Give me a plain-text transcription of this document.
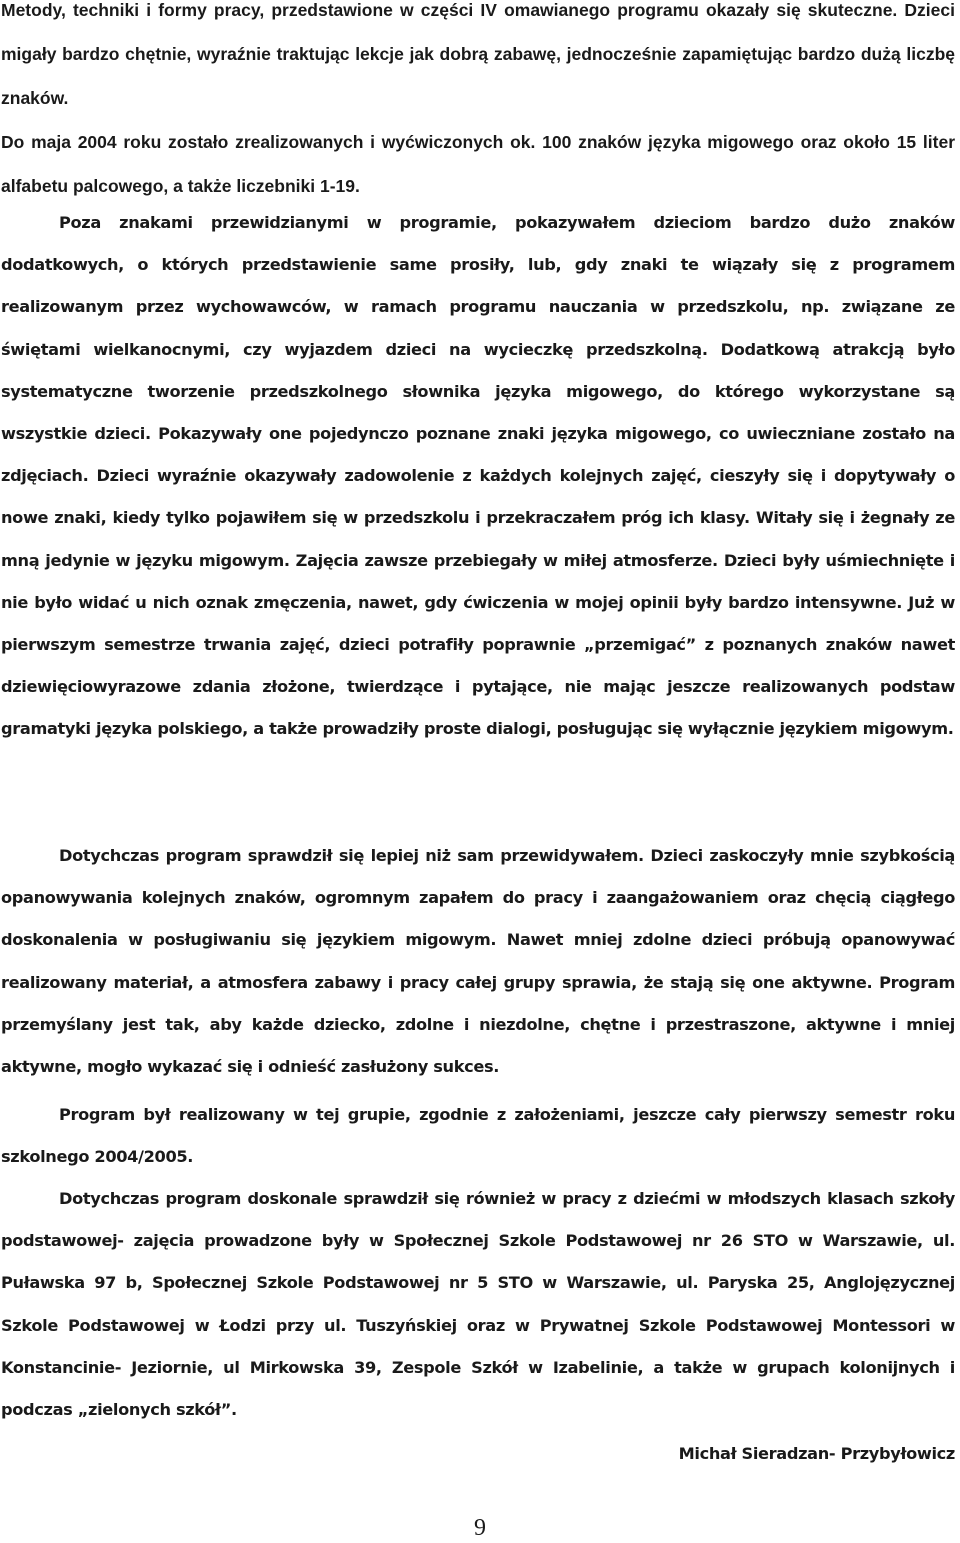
Metody, techniki i formy pracy, przedstawione w części IV omawianego programu okazały się skuteczne. Dzieci migały bardzo chętnie, wyraźnie traktując lekcje jak dobrą zabawę, jednocześnie zapamiętując bardzo dużą liczbę znaków.

Do maja 2004 roku zostało zrealizowanych i wyćwiczonych ok. 100 znaków języka migowego oraz około 15 liter alfabetu palcowego, a także liczebniki 1-19.

Poza znakami przewidzianymi w programie, pokazywałem dzieciom bardzo dużo znaków dodatkowych, o których przedstawienie same prosiły, lub, gdy znaki te wiązały się z programem realizowanym przez wychowawców, w ramach programu nauczania w przedszkolu, np. związane ze świętami wielkanocnymi, czy wyjazdem dzieci na wycieczkę przedszkolną. Dodatkową atrakcją było systematyczne tworzenie przedszkolnego słownika języka migowego, do którego wykorzystane są wszystkie dzieci. Pokazywały one pojedynczo poznane znaki języka migowego, co uwieczniane zostało na zdjęciach. Dzieci wyraźnie okazywały zadowolenie z każdych kolejnych zajęć, cieszyły się i dopytywały o nowe znaki, kiedy tylko pojawiłem się w przedszkolu i przekraczałem próg ich klasy. Witały się i żegnały ze mną jedynie w języku migowym. Zajęcia zawsze przebiegały w miłej atmosferze. Dzieci były uśmiechnięte i nie było widać u nich oznak zmęczenia, nawet, gdy ćwiczenia w mojej opinii były bardzo intensywne. Już w pierwszym semestrze trwania zajęć, dzieci potrafiły poprawnie „przemigać” z poznanych znaków nawet dziewięciowyrazowe zdania złożone, twierdzące i pytające, nie mając jeszcze realizowanych podstaw gramatyki języka polskiego, a także prowadziły proste dialogi, posługując się wyłącznie językiem migowym.

Dotychczas program sprawdził się lepiej niż sam przewidywałem. Dzieci zaskoczyły mnie szybkością opanowywania kolejnych znaków, ogromnym zapałem do pracy i zaangażowaniem oraz chęcią ciągłego doskonalenia w posługiwaniu się językiem migowym. Nawet mniej zdolne dzieci próbują opanowywać realizowany materiał, a atmosfera zabawy i pracy całej grupy sprawia, że stają się one aktywne. Program przemyślany jest tak, aby każde dziecko, zdolne i niezdolne, chętne i przestraszone, aktywne i mniej aktywne, mogło wykazać się i odnieść zasłużony sukces.

Program był realizowany w tej grupie, zgodnie z założeniami, jeszcze cały pierwszy semestr roku szkolnego 2004/2005.

Dotychczas program doskonale sprawdził się również w pracy z dziećmi w młodszych klasach szkoły podstawowej- zajęcia prowadzone były w Społecznej Szkole Podstawowej nr 26 STO w Warszawie, ul. Puławska 97 b, Społecznej Szkole Podstawowej nr 5 STO w Warszawie, ul. Paryska 25, Anglojęzycznej Szkole Podstawowej w Łodzi przy ul. Tuszyńskiej oraz w Prywatnej Szkole Podstawowej Montessori w Konstancinie- Jeziornie, ul Mirkowska 39, Zespole Szkół w Izabelinie, a także w grupach kolonijnych i podczas „zielonych szkół”.

Michał Sieradzan- Przybyłowicz

9
